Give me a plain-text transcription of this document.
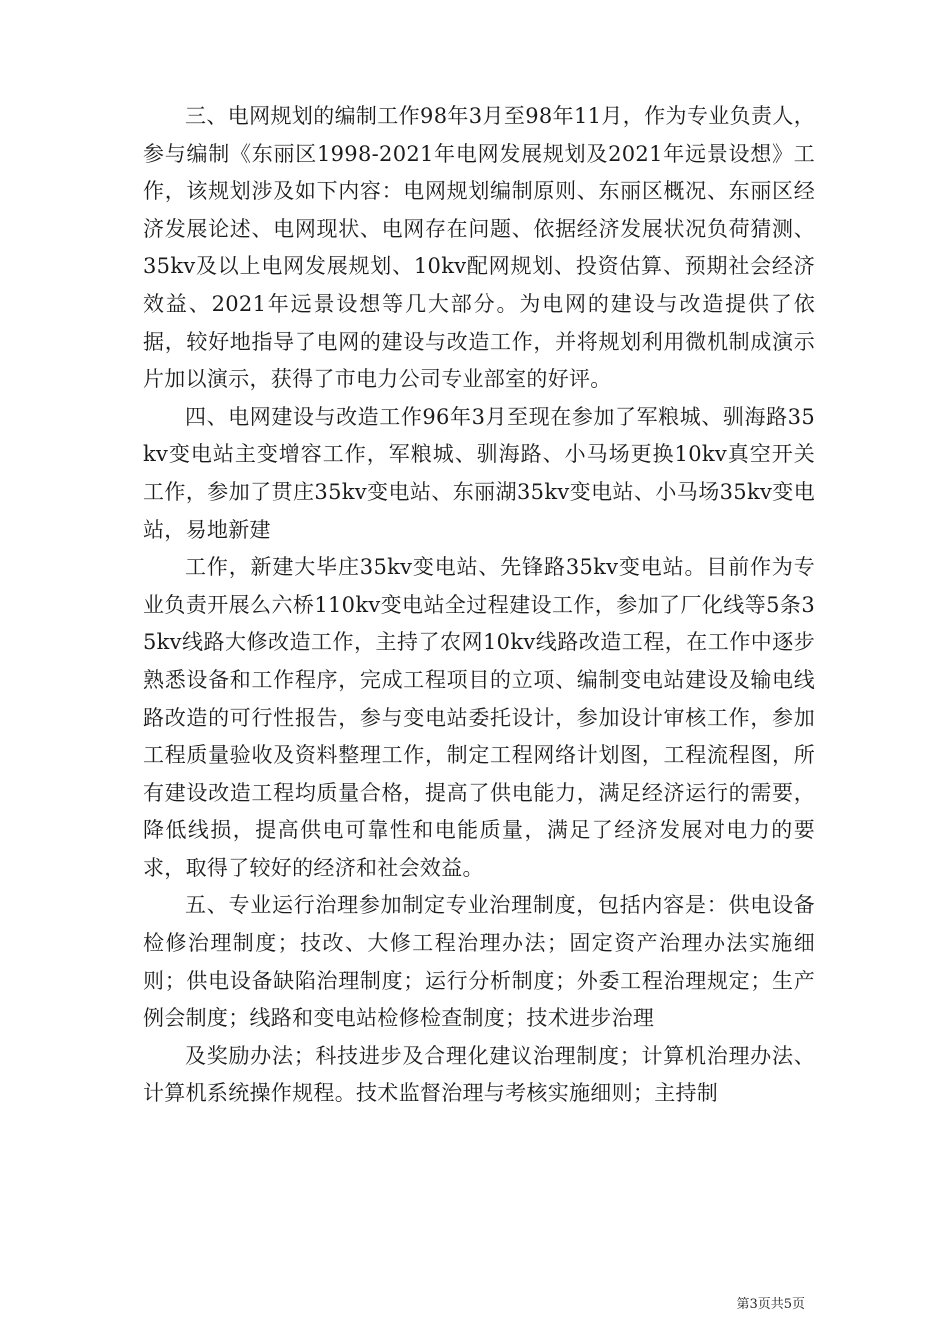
三、电网规划的编制工作98年3月至98年11月，作为专业负责人，参与编制《东丽区1998-2021年电网发展规划及2021年远景设想》工作，该规划涉及如下内容：电网规划编制原则、东丽区概况、东丽区经济发展论述、电网现状、电网存在问题、依据经济发展状况负荷猜测、35kv及以上电网发展规划、10kv配网规划、投资估算、预期社会经济效益、2021年远景设想等几大部分。为电网的建设与改造提供了依据，较好地指导了电网的建设与改造工作，并将规划利用微机制成演示片加以演示，获得了市电力公司专业部室的好评。

四、电网建设与改造工作96年3月至现在参加了军粮城、驯海路35kv变电站主变增容工作，军粮城、驯海路、小马场更换10kv真空开关工作，参加了贯庄35kv变电站、东丽湖35kv变电站、小马场35kv变电站，易地新建

工作，新建大毕庄35kv变电站、先锋路35kv变电站。目前作为专业负责开展么六桥110kv变电站全过程建设工作，参加了厂化线等5条35kv线路大修改造工作，主持了农网10kv线路改造工程，在工作中逐步熟悉设备和工作程序，完成工程项目的立项、编制变电站建设及输电线路改造的可行性报告，参与变电站委托设计，参加设计审核工作，参加工程质量验收及资料整理工作，制定工程网络计划图，工程流程图，所有建设改造工程均质量合格，提高了供电能力，满足经济运行的需要，降低线损，提高供电可靠性和电能质量，满足了经济发展对电力的要求，取得了较好的经济和社会效益。

五、专业运行治理参加制定专业治理制度，包括内容是：供电设备检修治理制度；技改、大修工程治理办法；固定资产治理办法实施细则；供电设备缺陷治理制度；运行分析制度；外委工程治理规定；生产例会制度；线路和变电站检修检查制度；技术进步治理

及奖励办法；科技进步及合理化建议治理制度；计算机治理办法、计算机系统操作规程。技术监督治理与考核实施细则；主持制

第3页共5页
